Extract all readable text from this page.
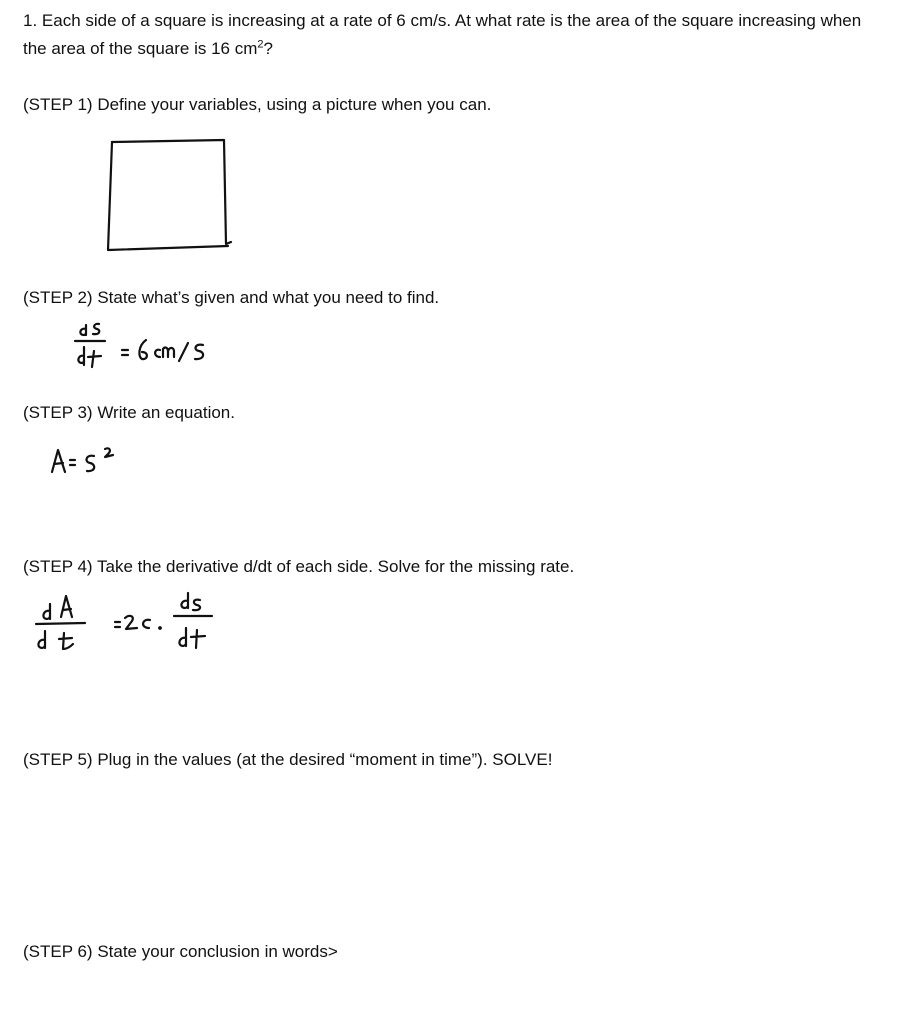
1. Each side of a square is increasing at a rate of 6 cm/s. At what rate is the area of the square increasing when the area of the square is 16 $cm^2$?
(STEP 1) Define your variables, using a picture when you can.
(STEP 2) State what’s given and what you need to find.
(STEP 3) Write an equation.
(STEP 4) Take the derivative d/dt of each side. Solve for the missing rate.
(STEP 5) Plug in the values (at the desired “moment in time”). SOLVE!
(STEP 6) State your conclusion in words>
